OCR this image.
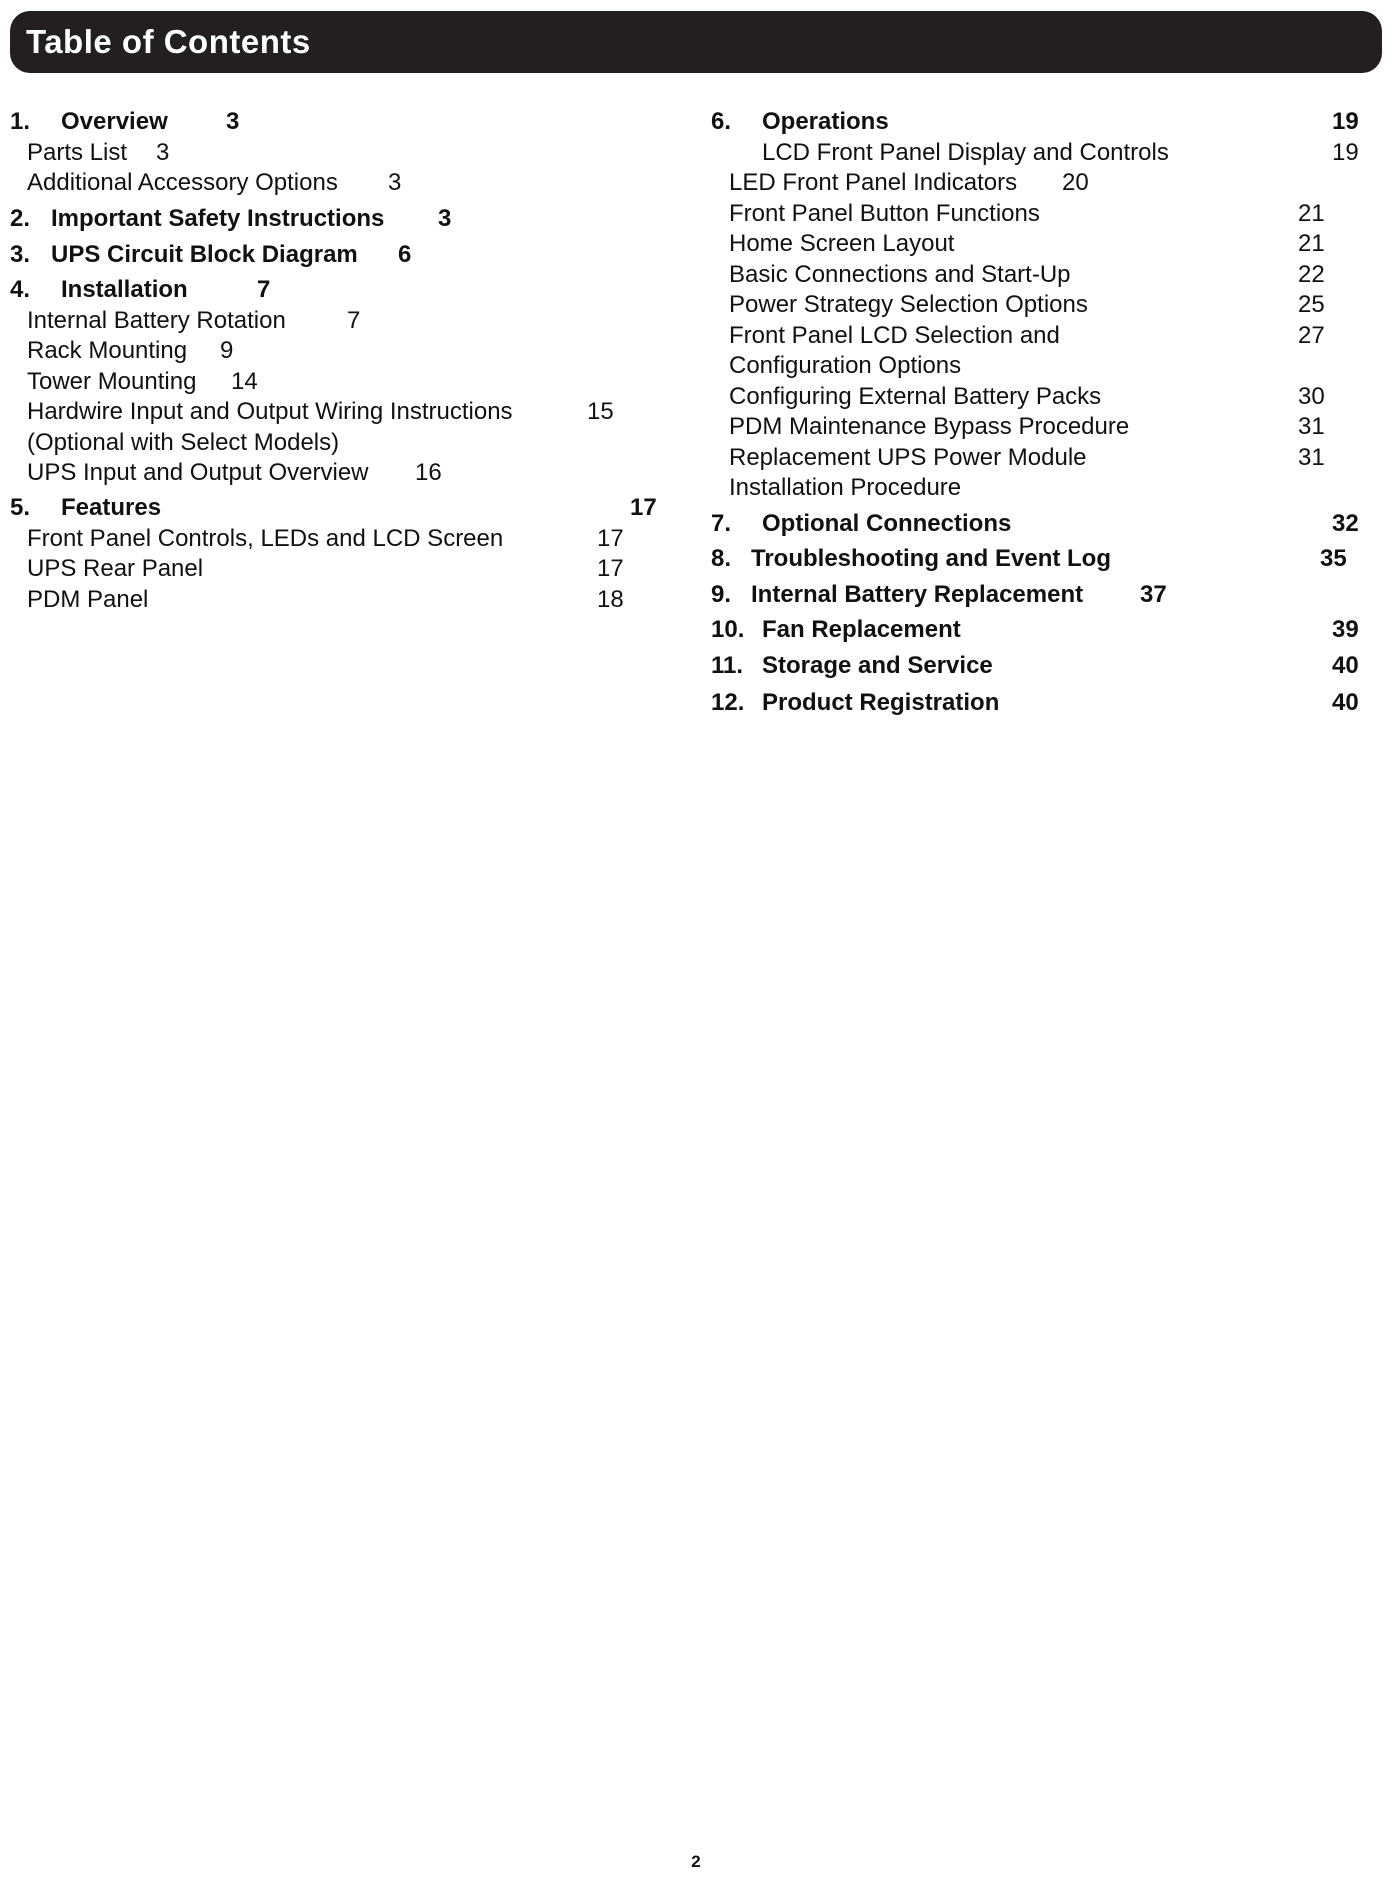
Table of Contents
1. Overview 3
Parts List 3
Additional Accessory Options 3
2. Important Safety Instructions 3
3. UPS Circuit Block Diagram 6
4. Installation	7
Internal Battery Rotation	7
Rack Mounting 9
Tower Mounting 14
Hardwire Input and Output Wiring Instructions	15
(Optional with Select Models)
UPS Input and Output Overview 16
5. Features	17
Front Panel Controls, LEDs and LCD Screen	17
UPS Rear Panel	17
PDM Panel	18
6. Operations	19
LCD Front Panel Display and Controls	19
LED Front Panel Indicators 20
Front Panel Button Functions	21
Home Screen Layout	21
Basic Connections and Start-Up	22
Power Strategy Selection Options	25
Front Panel LCD Selection and	27
Configuration Options
Configuring External Battery Packs	30
PDM Maintenance Bypass Procedure	31
Replacement UPS Power Module	31
Installation Procedure
7. Optional Connections	32
8. Troubleshooting and Event Log	35
9. Internal Battery Replacement 37
10. Fan Replacement	39
11. Storage and Service	40
12. Product Registration	40
2
